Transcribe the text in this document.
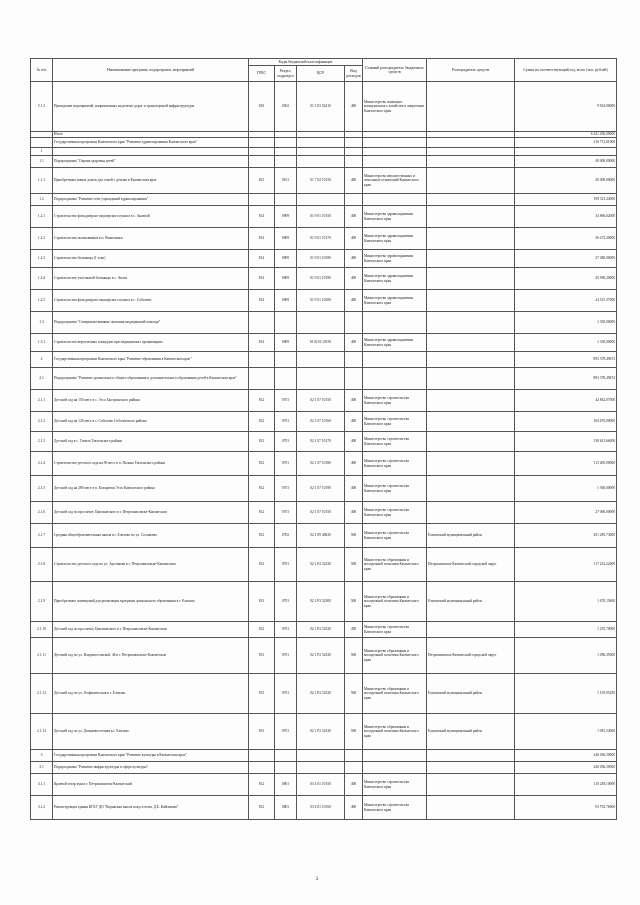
№ п/п	Наименование программ, подпрограмм, мероприятий	Коды бюджетной классификации				Главный распорядитель бюджетных средств	Распорядитель средств	Сумма на соответствующий год, всего (тыс. рублей)
		ГРБС	Раздел, подраздел	ЦСР	Вид расходов			
5.1.3	Проведение мероприятий, направленных на ремонт дорог и транспортной инфраструктуры	810	0502	01 3 03 52410	400	Министерство жилищно-коммунального хозяйства и энергетики Камчатского края		9 924,00000
	Итого							6 241 436,09000
	Государственная программа Камчатского края "Развитие здравоохранения Камчатского края"							216 713,01000
1								
1.1	Подпрограмма "Охрана здоровья детей"							40 000,00000
1.1.1	Приобретение новых домов для семей с детьми в Камчатском крае	821	0101	01 7 02 10150	400	Министерство имущественных и земельных отношений Камчатского края		40 000,00000
1.2	Подпрограмма "Развитие сети учреждений здравоохранения"							199 313,24000
1.2.1	Строительство фельдшерско-акушерского пункта в с. Анавгай	814	0909	01 9 01 10150	400	Министерство здравоохранения Камчатского края		34 866,62000
1.2.2	Строительство поликлиники в п. Вилючинск	814	0909	01 9 01 10170	400	Министерство здравоохранения Камчатского края		56 472,20000
1.2.3	Строительство больницы (1 этап)	814	0909	01 9 01 10180	400	Министерство здравоохранения Камчатского края		27 480,00000
1.2.4	Строительство участковой больницы в с. Апача	814	0909	01 9 01 10190	400	Министерство здравоохранения Камчатского края		45 969,20000
1.2.5	Строительство фельдшерско-акушерского пункта в с. Соболево	814	0909	01 9 01 10200	400	Министерство здравоохранения Камчатского края		24 515,37000
1.3	Подпрограмма "Совершенствование оказания медицинской помощи"							1 350,00000
1.3.1	Строительство вертолетных площадок при медицинских организациях	814	0909	01 В 03 10150	400	Министерство здравоохранения Камчатского края		1 350,00000
2	Государственная программа Камчатского края "Развитие образования в Камчатском крае"							893 378,49672
2.1	Подпрограмма "Развитие дошкольного, общего образования и дополнительного образования детей в Камчатском крае"							893 378,49672
2.1.1	Детский сад на 150 мест в с. Эссо Быстринского района	812	0701	02 1 07 10150	400	Министерство строительства Камчатского края		42 862,07000
2.1.2	Детский сад на 120 мест в с. Соболево Соболевского района	812	0701	02 1 07 10160	400	Министерство строительства Камчатского края		104 670,00000
2.1.3	Детский сад в с. Тигиль Тигильского района	812	0701	02 1 07 10170	400	Министерство строительства Камчатского края		138 621,66000
2.1.4	Строительство детского сада на 90 мест в п. Палана Тигильского района	812	0701	02 1 07 10180	400	Министерство строительства Камчатского края		113 200,00000
2.1.5	Детский сад на 280 мест в п. Козыревск Усть-Камчатского района	812	0701	02 1 07 10190	400	Министерство строительства Камчатского края		1 560,00000
2.1.6	Детский сад по проспекту Циолковского в г. Петропавловске-Камчатском	812	0701	02 1 07 10150	400	Министерство строительства Камчатского края		27 060,00000
2.1.7	Средняя общеобразовательная школа в г. Елизово по ул. Соловьева	812	0702	02 1 09 40020	500	Министерство строительства Камчатского края	Елизовский муниципальный район	291 285,73000
2.1.8	Строительство детского сада по ул. Арсеньева в г. Петропавловске-Камчатском	813	0701	02 1 Р2 52320	500	Министерство образования и молодежной политики Камчатского края	Петропавловск-Камчатский городской округ	117 232,22000
2.1.9	Приобретение помещений для реализации программ дошкольного образования в г. Елизово	813	0701	02 1 Р2 52300	500	Министерство образования и молодежной политики Камчатского края	Елизовский муниципальный район	1 670,15600
2.1.10	Детский сад по проспекту Циолковского в г. Петропавловске-Камчатском	812	0701	02 1 Р2 52320	450	Министерство строительства Камчатского края		1 255,70000
2.1.11	Детский сад по ул. Владивостокской, 46 в г. Петропавловске-Камчатском	813	0701	02 1 Р2 52320	500	Министерство образования и молодежной политики Камчатского края	Петропавловск-Камчатский городской округ	1 096,35000
2.1.12	Детский сад по ул. Геофизическая в г. Елизово	813	0701	02 1 Р2 52320	500	Министерство образования и молодежной политики Камчатского края	Елизовский муниципальный район	1 105,95285
2.1.13	Детский сад по ул. Дальневосточная в г. Елизово	813	0701	02 1 Р2 52320	500	Министерство образования и молодежной политики Камчатского края	Елизовский муниципальный район	1 081,54000
3	Государственная программа Камчатского края "Развитие культуры в Камчатском крае"							246 036,50000
3.1	Подпрограмма "Развитие инфраструктуры в сфере культуры"							246 036,50000
3.1.1	Краевой театр кукол г. Петропавловск-Камчатский	812	0801	03 4 01 10150	400	Министерство строительства Камчатского края		110 238,10000
3.1.2	Реконструкция здания КГБУ ДО "Корякская школа искусств им. Д.Б. Кайгинова"	812	0801	03 4 01 10160	400	Министерство строительства Камчатского края		93 703,76000
2
